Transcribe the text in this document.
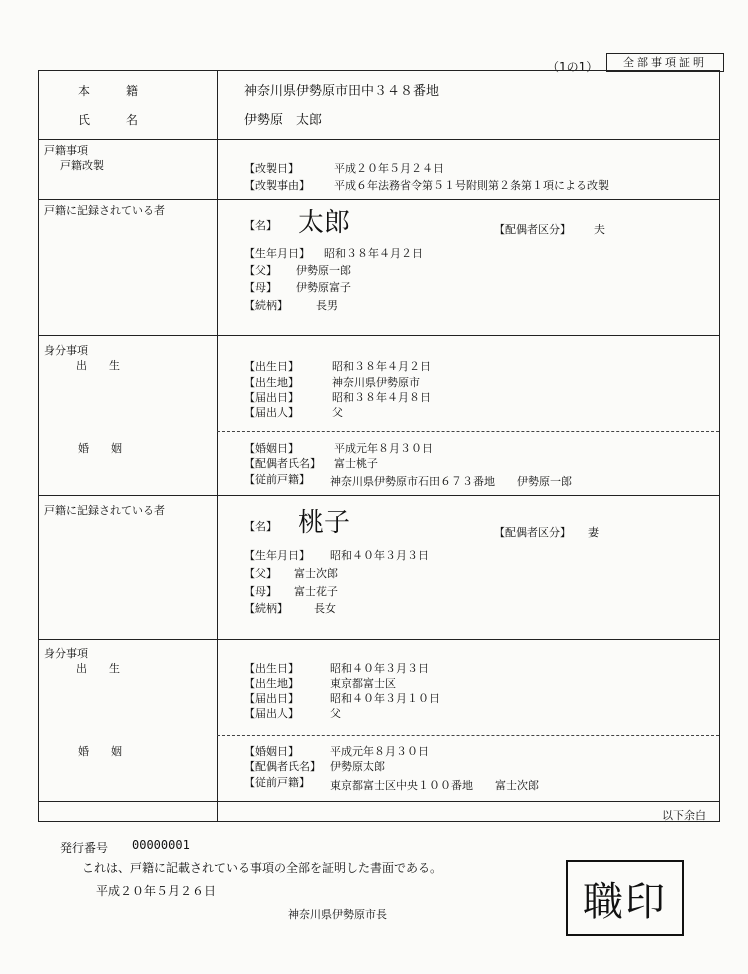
（1の1）	全部事項証明
本　　　籍	神奈川県伊勢原市田中３４８番地
氏　　　名	伊勢原　太郎
戸籍事項
戸籍改製	【改製日】	平成２０年５月２４日
【改製事由】 平成６年法務省令第５１号附則第２条第１項による改製
戸籍に記録されている者
【名】 太郎	【配偶者区分】 夫
【生年月日】 昭和３８年４月２日
【父】 伊勢原一郎
【母】 伊勢原富子
【続柄】	長男
身分事項
出　　生	【出生日】	昭和３８年４月２日
【出生地】	神奈川県伊勢原市
【届出日】	昭和３８年４月８日
【届出人】	父
婚　　姻	【婚姻日】	平成元年８月３０日
【配偶者氏名】 富士桃子
【従前戸籍】 神奈川県伊勢原市石田６７３番地　　伊勢原一郎
戸籍に記録されている者
【名】 桃子	【配偶者区分】 妻
【生年月日】 昭和４０年３月３日
【父】 富士次郎
【母】 富士花子
【続柄】 長女
身分事項
出　　生	【出生日】	昭和４０年３月３日
【出生地】	東京都富士区
【届出日】	昭和４０年３月１０日
【届出人】	父
婚　　姻	【婚姻日】	平成元年８月３０日
【配偶者氏名】 伊勢原太郎
【従前戸籍】 東京都富士区中央１００番地　　富士次郎
以下余白
発行番号 00000001
これは、戸籍に記載されている事項の全部を証明した書面である。
平成２０年５月２６日
神奈川県伊勢原市長	職印
